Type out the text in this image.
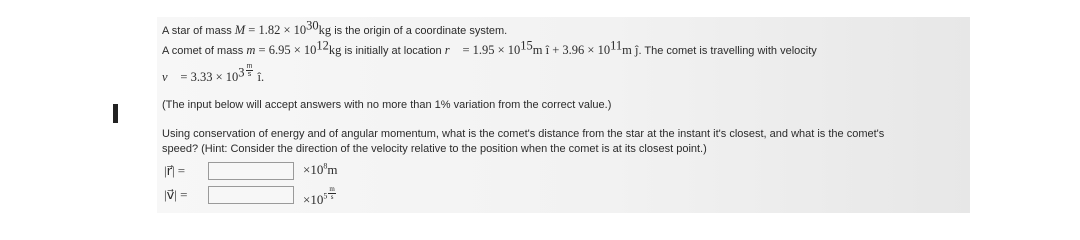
A star of mass $M = 1.82 \times 10^{30}kg$ is the origin of a coordinate system.
A comet of mass $m = 6.95 \times 10^{12}kg$ is initially at location r⃗ = $1.95 \times 10^{15}m$ î + $3.96 \times 10^{11}m$ ĵ. The comet is travelling with velocity
v⃗ = $3.33 \times 10^3 \frac{m}{s}$ î.
(The input below will accept answers with no more than 1% variation from the correct value.)
Using conservation of energy and of angular momentum, what is the comet's distance from the star at the instant it's closest, and what is the comet's
speed? (Hint: Consider the direction of the velocity relative to the position when the comet is at its closest point.)
|r⃗| =	$\times 10^8m$
|v⃗| =	$\times 10^5 \frac{m}{s}$
